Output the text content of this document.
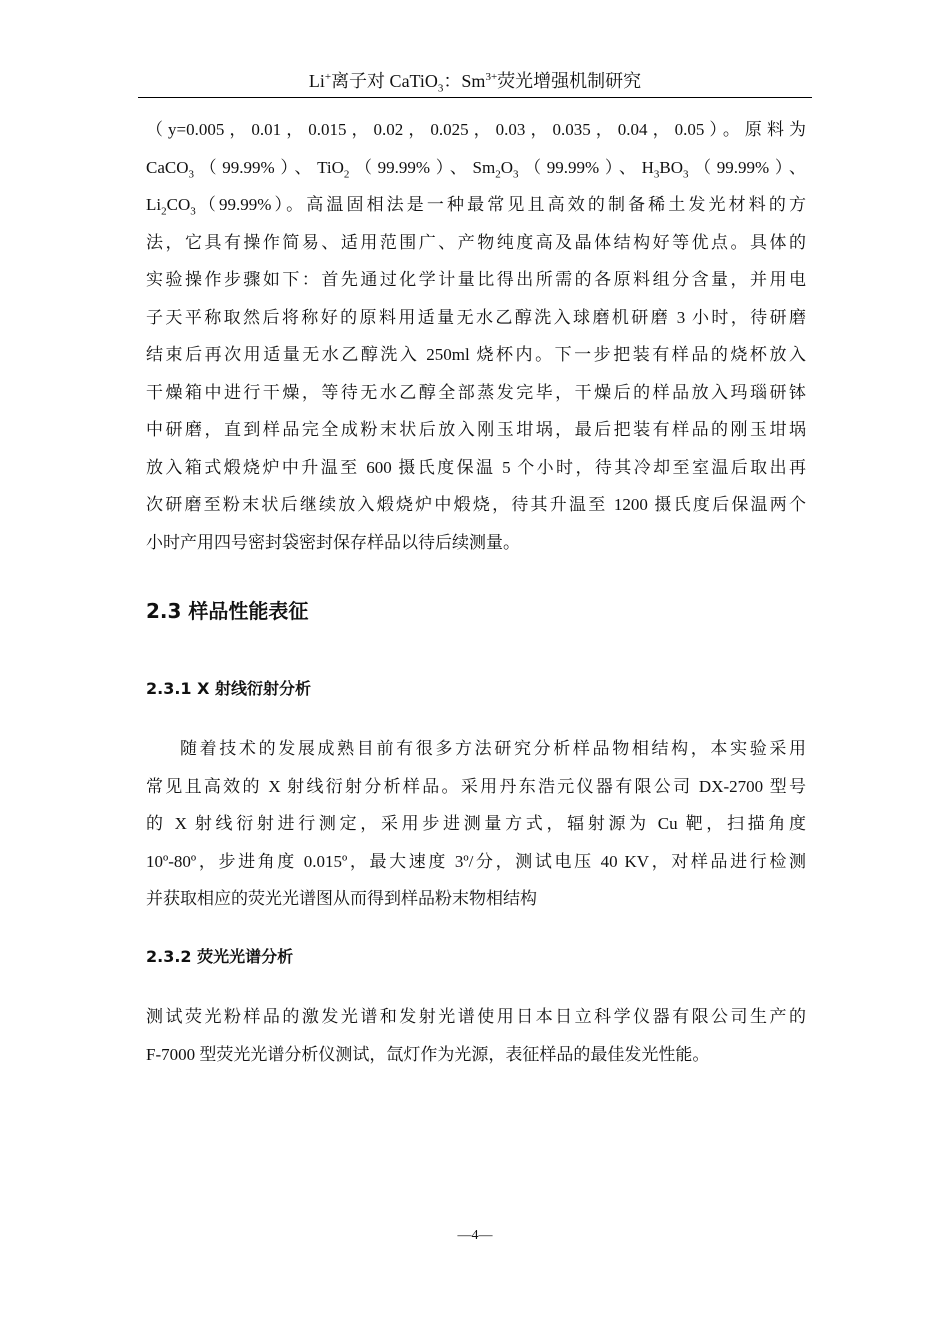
Li+离子对 CaTiO$_3$：$Sm^{3+}$荧光增强机制研究
（y=0.005，0.01，0.015，0.02，0.025，0.03，0.035，0.04，0.05）。原料为
CaCO$_3$（99.99%）、TiO$_2$（99.99%）、$Sm_2O_3(99.99\%)$、$H_3BO_3(99.99\%)$、
$Li_2CO_3(99.99\%)$。高温固相法是一种最常见且高效的制备稀土发光材料的方
法，它具有操作简易、适用范围广、产物纯度高及晶体结构好等优点。具体的
实验操作步骤如下：首先通过化学计量比得出所需的各原料组分含量，并用电
子天平称取然后将称好的原料用适量无水乙醇洗入球磨机研磨 3 小时，待研磨
结束后再次用适量无水乙醇洗入 250ml 烧杯内。下一步把装有样品的烧杯放入
干燥箱中进行干燥，等待无水乙醇全部蒸发完毕，干燥后的样品放入玛瑙研钵
中研磨，直到样品完全成粉末状后放入刚玉坩埚，最后把装有样品的刚玉坩埚
放入箱式煅烧炉中升温至 600 摄氏度保温 5 个小时，待其冷却至室温后取出再
次研磨至粉末状后继续放入煅烧炉中煅烧，待其升温至 1200 摄氏度后保温两个
小时产用四号密封袋密封保存样品以待后续测量。
2.3 样品性能表征
2.3.1 X 射线衍射分析
随着技术的发展成熟目前有很多方法研究分析样品物相结构，本实验采用
常见且高效的 X 射线衍射分析样品。采用丹东浩元仪器有限公司 DX-2700 型号
的 X 射线衍射进行测定，采用步进测量方式，辐射源为 Cu 靶，扫描角度
10º-80º，步进角度 0.015º，最大速度 3º/分，测试电压 40 KV，对样品进行检测
并获取相应的荧光光谱图从而得到样品粉末物相结构
2.3.2 荧光光谱分析
测试荧光粉样品的激发光谱和发射光谱使用日本日立科学仪器有限公司生产的
F-7000 型荧光光谱分析仪测试，氙灯作为光源，表征样品的最佳发光性能。
—4—
